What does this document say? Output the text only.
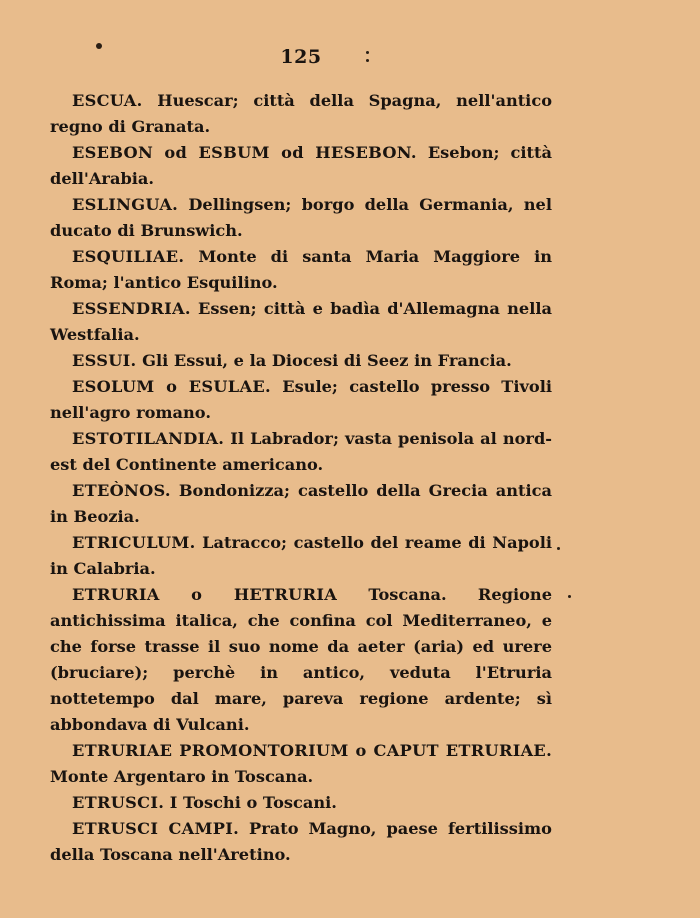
125

ESCUA. Huescar; città della Spagna, nell'antico regno di Granata.

ESEBON od ESBUM od HESEBON. Esebon; città dell'Arabia.

ESLINGUA. Dellingsen; borgo della Germania, nel ducato di Brunswich.

ESQUILIAE. Monte di santa Maria Maggiore in Roma; l'antico Esquilino.

ESSENDRIA. Essen; città e badìa d'Allemagna nella Westfalia.

ESSUI. Gli Essui, e la Diocesi di Seez in Francia.

ESOLUM o ESULAE. Esule; castello presso Tivoli nell'agro romano.

ESTOTILANDIA. Il Labrador; vasta penisola al nord-est del Continente americano.

ETEÒNOS. Bondonizza; castello della Grecia antica in Beozia.

ETRICULUM. Latracco; castello del reame di Napoli in Calabria.

ETRURIA o HETRURIA Toscana. Regione antichissima italica, che confina col Mediterraneo, e che forse trasse il suo nome da aeter (aria) ed urere (bruciare); perchè in antico, veduta l'Etruria nottetempo dal mare, pareva regione ardente; sì abbondava di Vulcani.

ETRURIAE PROMONTORIUM o CAPUT ETRURIAE. Monte Argentaro in Toscana.

ETRUSCI. I Toschi o Toscani.

ETRUSCI CAMPI. Prato Magno, paese fertilissimo della Toscana nell'Aretino.
